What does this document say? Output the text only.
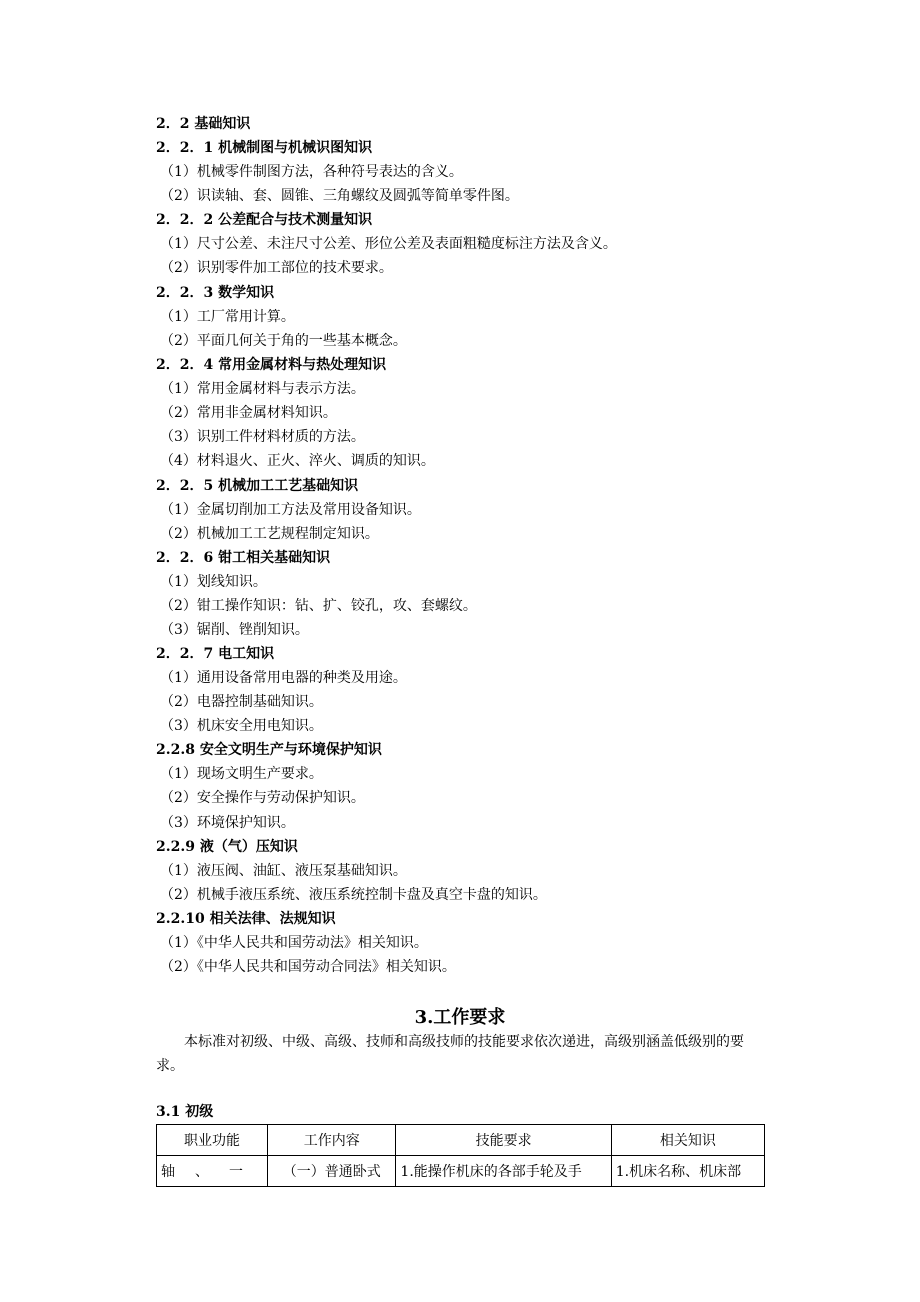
2．2 基础知识
2．2．1 机械制图与机械识图知识
（1）机械零件制图方法，各种符号表达的含义。
（2）识读轴、套、圆锥、三角螺纹及圆弧等简单零件图。
2．2．2 公差配合与技术测量知识
（1）尺寸公差、未注尺寸公差、形位公差及表面粗糙度标注方法及含义。
（2）识别零件加工部位的技术要求。
2．2．3 数学知识
（1）工厂常用计算。
（2）平面几何关于角的一些基本概念。
2．2．4 常用金属材料与热处理知识
（1）常用金属材料与表示方法。
（2）常用非金属材料知识。
（3）识别工件材料材质的方法。
（4）材料退火、正火、淬火、调质的知识。
2．2．5 机械加工工艺基础知识
（1）金属切削加工方法及常用设备知识。
（2）机械加工工艺规程制定知识。
2．2．6 钳工相关基础知识
（1）划线知识。
（2）钳工操作知识：钻、扩、铰孔，攻、套螺纹。
（3）锯削、锉削知识。
2．2．7 电工知识
（1）通用设备常用电器的种类及用途。
（2）电器控制基础知识。
（3）机床安全用电知识。
2.2.8 安全文明生产与环境保护知识
（1）现场文明生产要求。
（2）安全操作与劳动保护知识。
（3）环境保护知识。
2.2.9 液（气）压知识
（1）液压阀、油缸、液压泵基础知识。
（2）机械手液压系统、液压系统控制卡盘及真空卡盘的知识。
2.2.10 相关法律、法规知识
（1）《中华人民共和国劳动法》相关知识。
（2）《中华人民共和国劳动合同法》相关知识。
3.工作要求
本标准对初级、中级、高级、技师和高级技师的技能要求依次递进，高级别涵盖低级别的要求。
3.1 初级
职业功能	工作内容	技能要求	相关知识
轴、一	（一）普通卧式	1.能操作机床的各部手轮及手	1.机床名称、机床部
